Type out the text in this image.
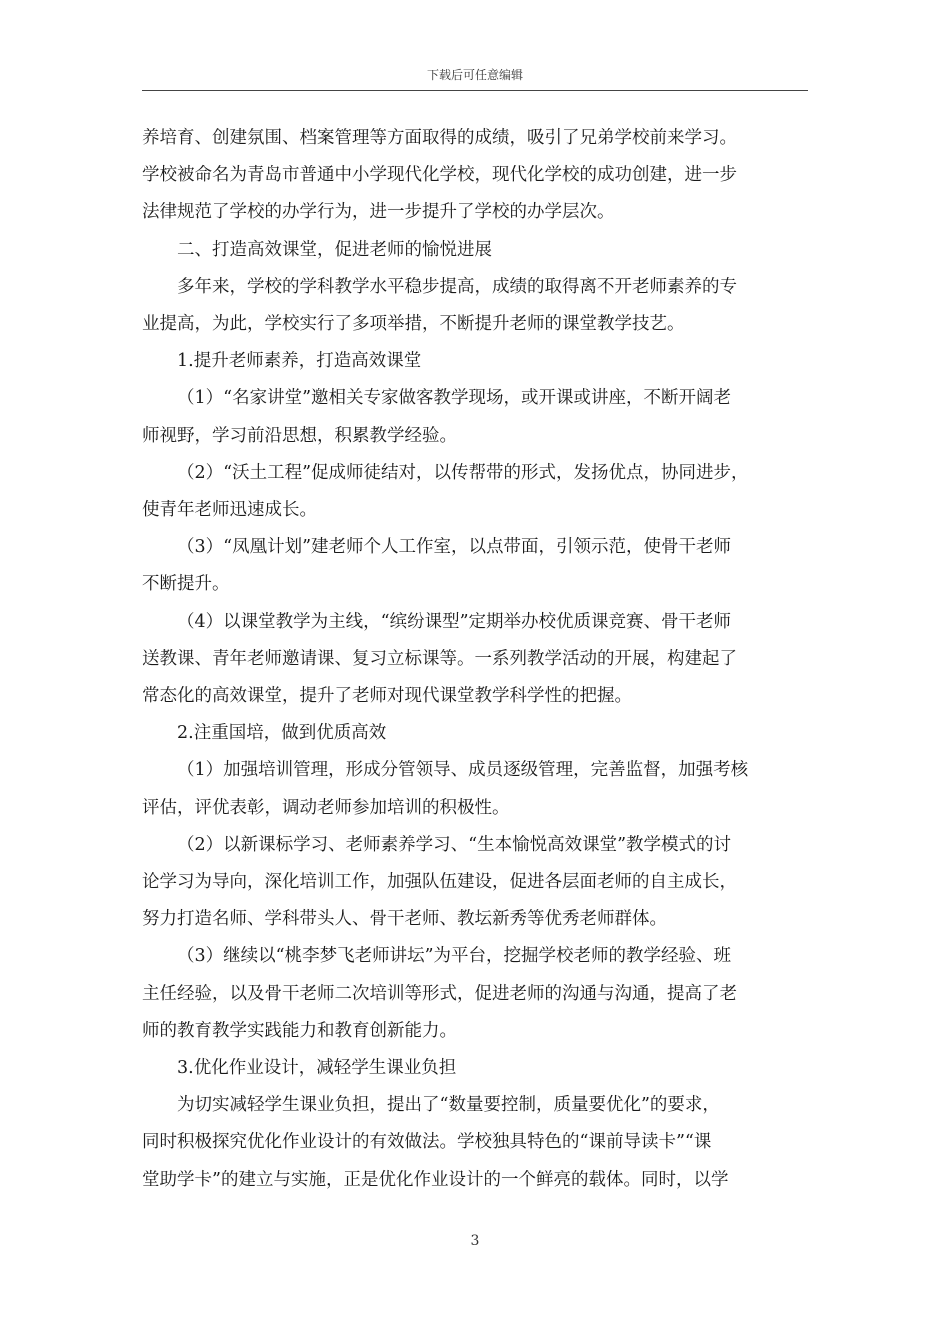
下载后可任意编辑

养培育、创建氛围、档案管理等方面取得的成绩，吸引了兄弟学校前来学习。

学校被命名为青岛市普通中小学现代化学校，现代化学校的成功创建，进一步

法律规范了学校的办学行为，进一步提升了学校的办学层次。

二、打造高效课堂，促进老师的愉悦进展

多年来，学校的学科教学水平稳步提高，成绩的取得离不开老师素养的专

业提高，为此，学校实行了多项举措，不断提升老师的课堂教学技艺。

1.提升老师素养，打造高效课堂

（1）“名家讲堂”邀相关专家做客教学现场，或开课或讲座，不断开阔老

师视野，学习前沿思想，积累教学经验。

（2）“沃土工程”促成师徒结对，以传帮带的形式，发扬优点，协同进步，

使青年老师迅速成长。

（3）“凤凰计划”建老师个人工作室，以点带面，引领示范，使骨干老师

不断提升。

（4）以课堂教学为主线，“缤纷课型”定期举办校优质课竞赛、骨干老师

送教课、青年老师邀请课、复习立标课等。一系列教学活动的开展，构建起了

常态化的高效课堂，提升了老师对现代课堂教学科学性的把握。

2.注重国培，做到优质高效

（1）加强培训管理，形成分管领导、成员逐级管理，完善监督，加强考核

评估，评优表彰，调动老师参加培训的积极性。

（2）以新课标学习、老师素养学习、“生本愉悦高效课堂”教学模式的讨

论学习为导向，深化培训工作，加强队伍建设，促进各层面老师的自主成长，

努力打造名师、学科带头人、骨干老师、教坛新秀等优秀老师群体。

（3）继续以“桃李梦飞老师讲坛”为平台，挖掘学校老师的教学经验、班

主任经验，以及骨干老师二次培训等形式，促进老师的沟通与沟通，提高了老

师的教育教学实践能力和教育创新能力。

3.优化作业设计，减轻学生课业负担

为切实减轻学生课业负担，提出了“数量要控制，质量要优化”的要求，

同时积极探究优化作业设计的有效做法。学校独具特色的“课前导读卡”“课

堂助学卡”的建立与实施，正是优化作业设计的一个鲜亮的载体。同时，以学

3
